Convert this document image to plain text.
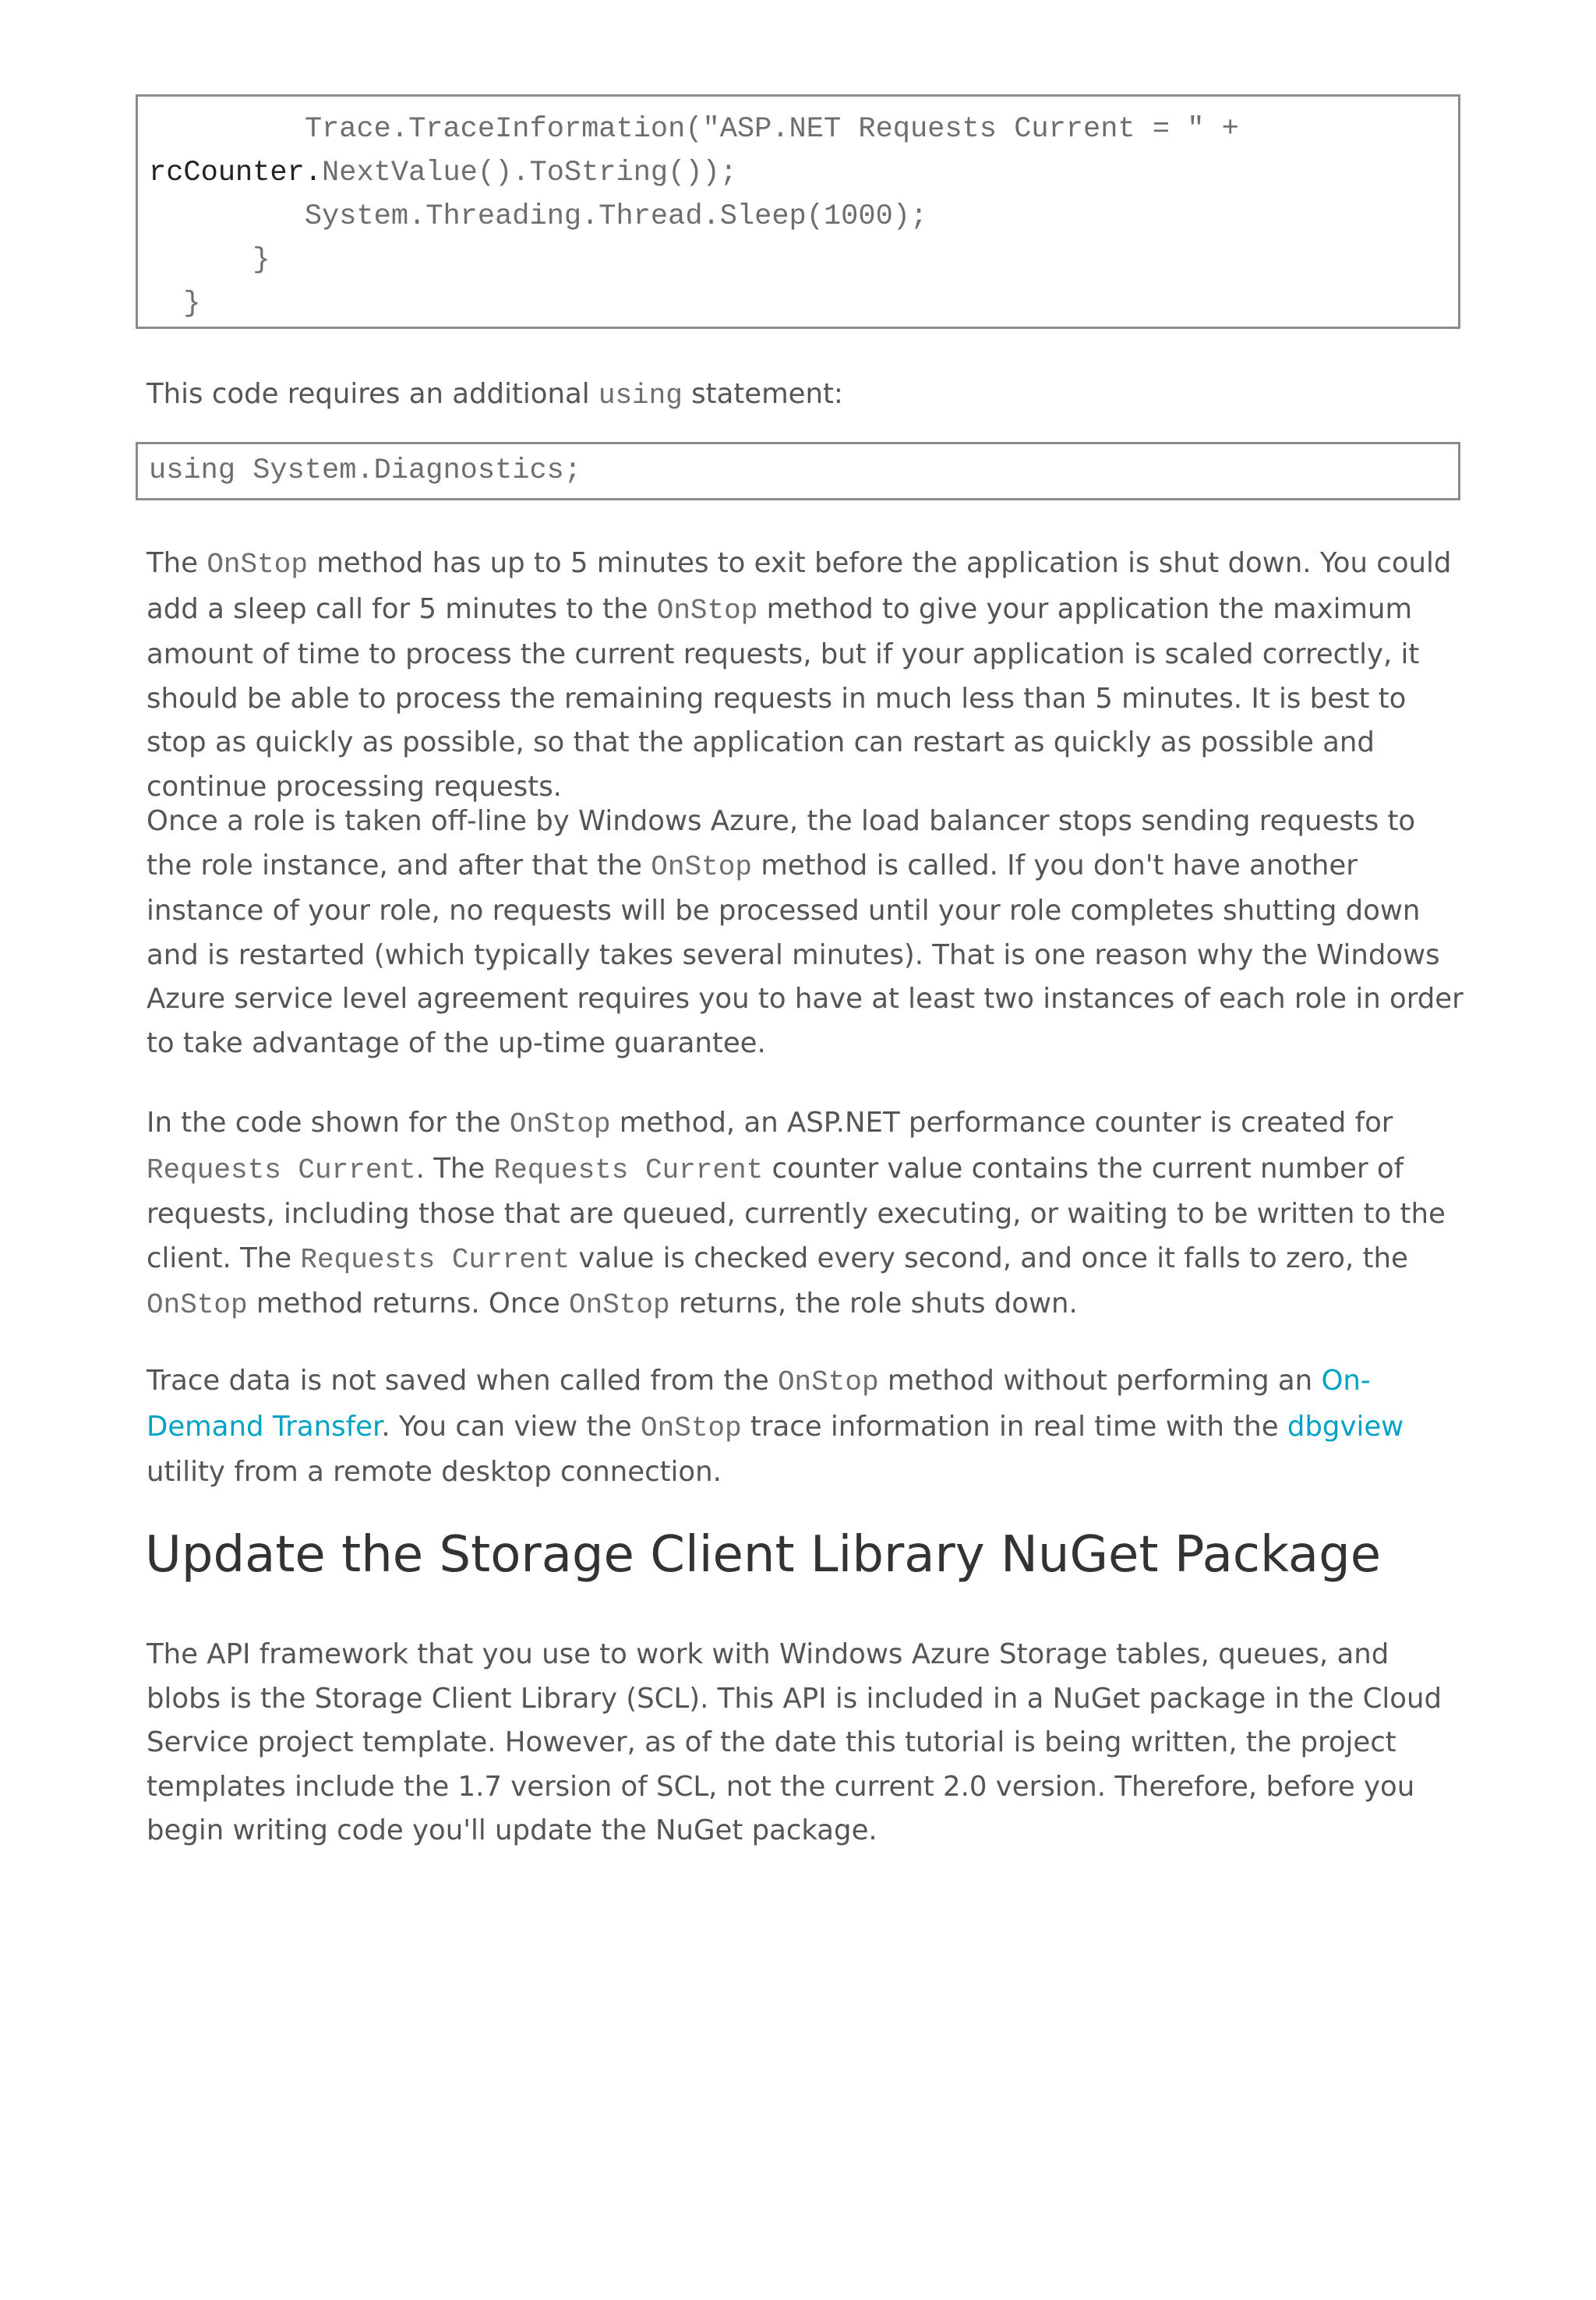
Trace.TraceInformation("ASP.NET Requests Current = " +
rcCounter.NextValue().ToString());
System.Threading.Thread.Sleep(1000);
}
}

This code requires an additional using statement:

using System.Diagnostics;

The OnStop method has up to 5 minutes to exit before the application is shut down. You could add a sleep call for 5 minutes to the OnStop method to give your application the maximum amount of time to process the current requests, but if your application is scaled correctly, it should be able to process the remaining requests in much less than 5 minutes. It is best to stop as quickly as possible, so that the application can restart as quickly as possible and continue processing requests.

Once a role is taken off-line by Windows Azure, the load balancer stops sending requests to the role instance, and after that the OnStop method is called. If you don't have another instance of your role, no requests will be processed until your role completes shutting down and is restarted (which typically takes several minutes). That is one reason why the Windows Azure service level agreement requires you to have at least two instances of each role in order to take advantage of the up-time guarantee.

In the code shown for the OnStop method, an ASP.NET performance counter is created for Requests Current. The Requests Current counter value contains the current number of requests, including those that are queued, currently executing, or waiting to be written to the client. The Requests Current value is checked every second, and once it falls to zero, the OnStop method returns. Once OnStop returns, the role shuts down.

Trace data is not saved when called from the OnStop method without performing an On-Demand Transfer. You can view the OnStop trace information in real time with the dbgview utility from a remote desktop connection.

Update the Storage Client Library NuGet Package

The API framework that you use to work with Windows Azure Storage tables, queues, and blobs is the Storage Client Library (SCL). This API is included in a NuGet package in the Cloud Service project template. However, as of the date this tutorial is being written, the project templates include the 1.7 version of SCL, not the current 2.0 version. Therefore, before you begin writing code you'll update the NuGet package.
